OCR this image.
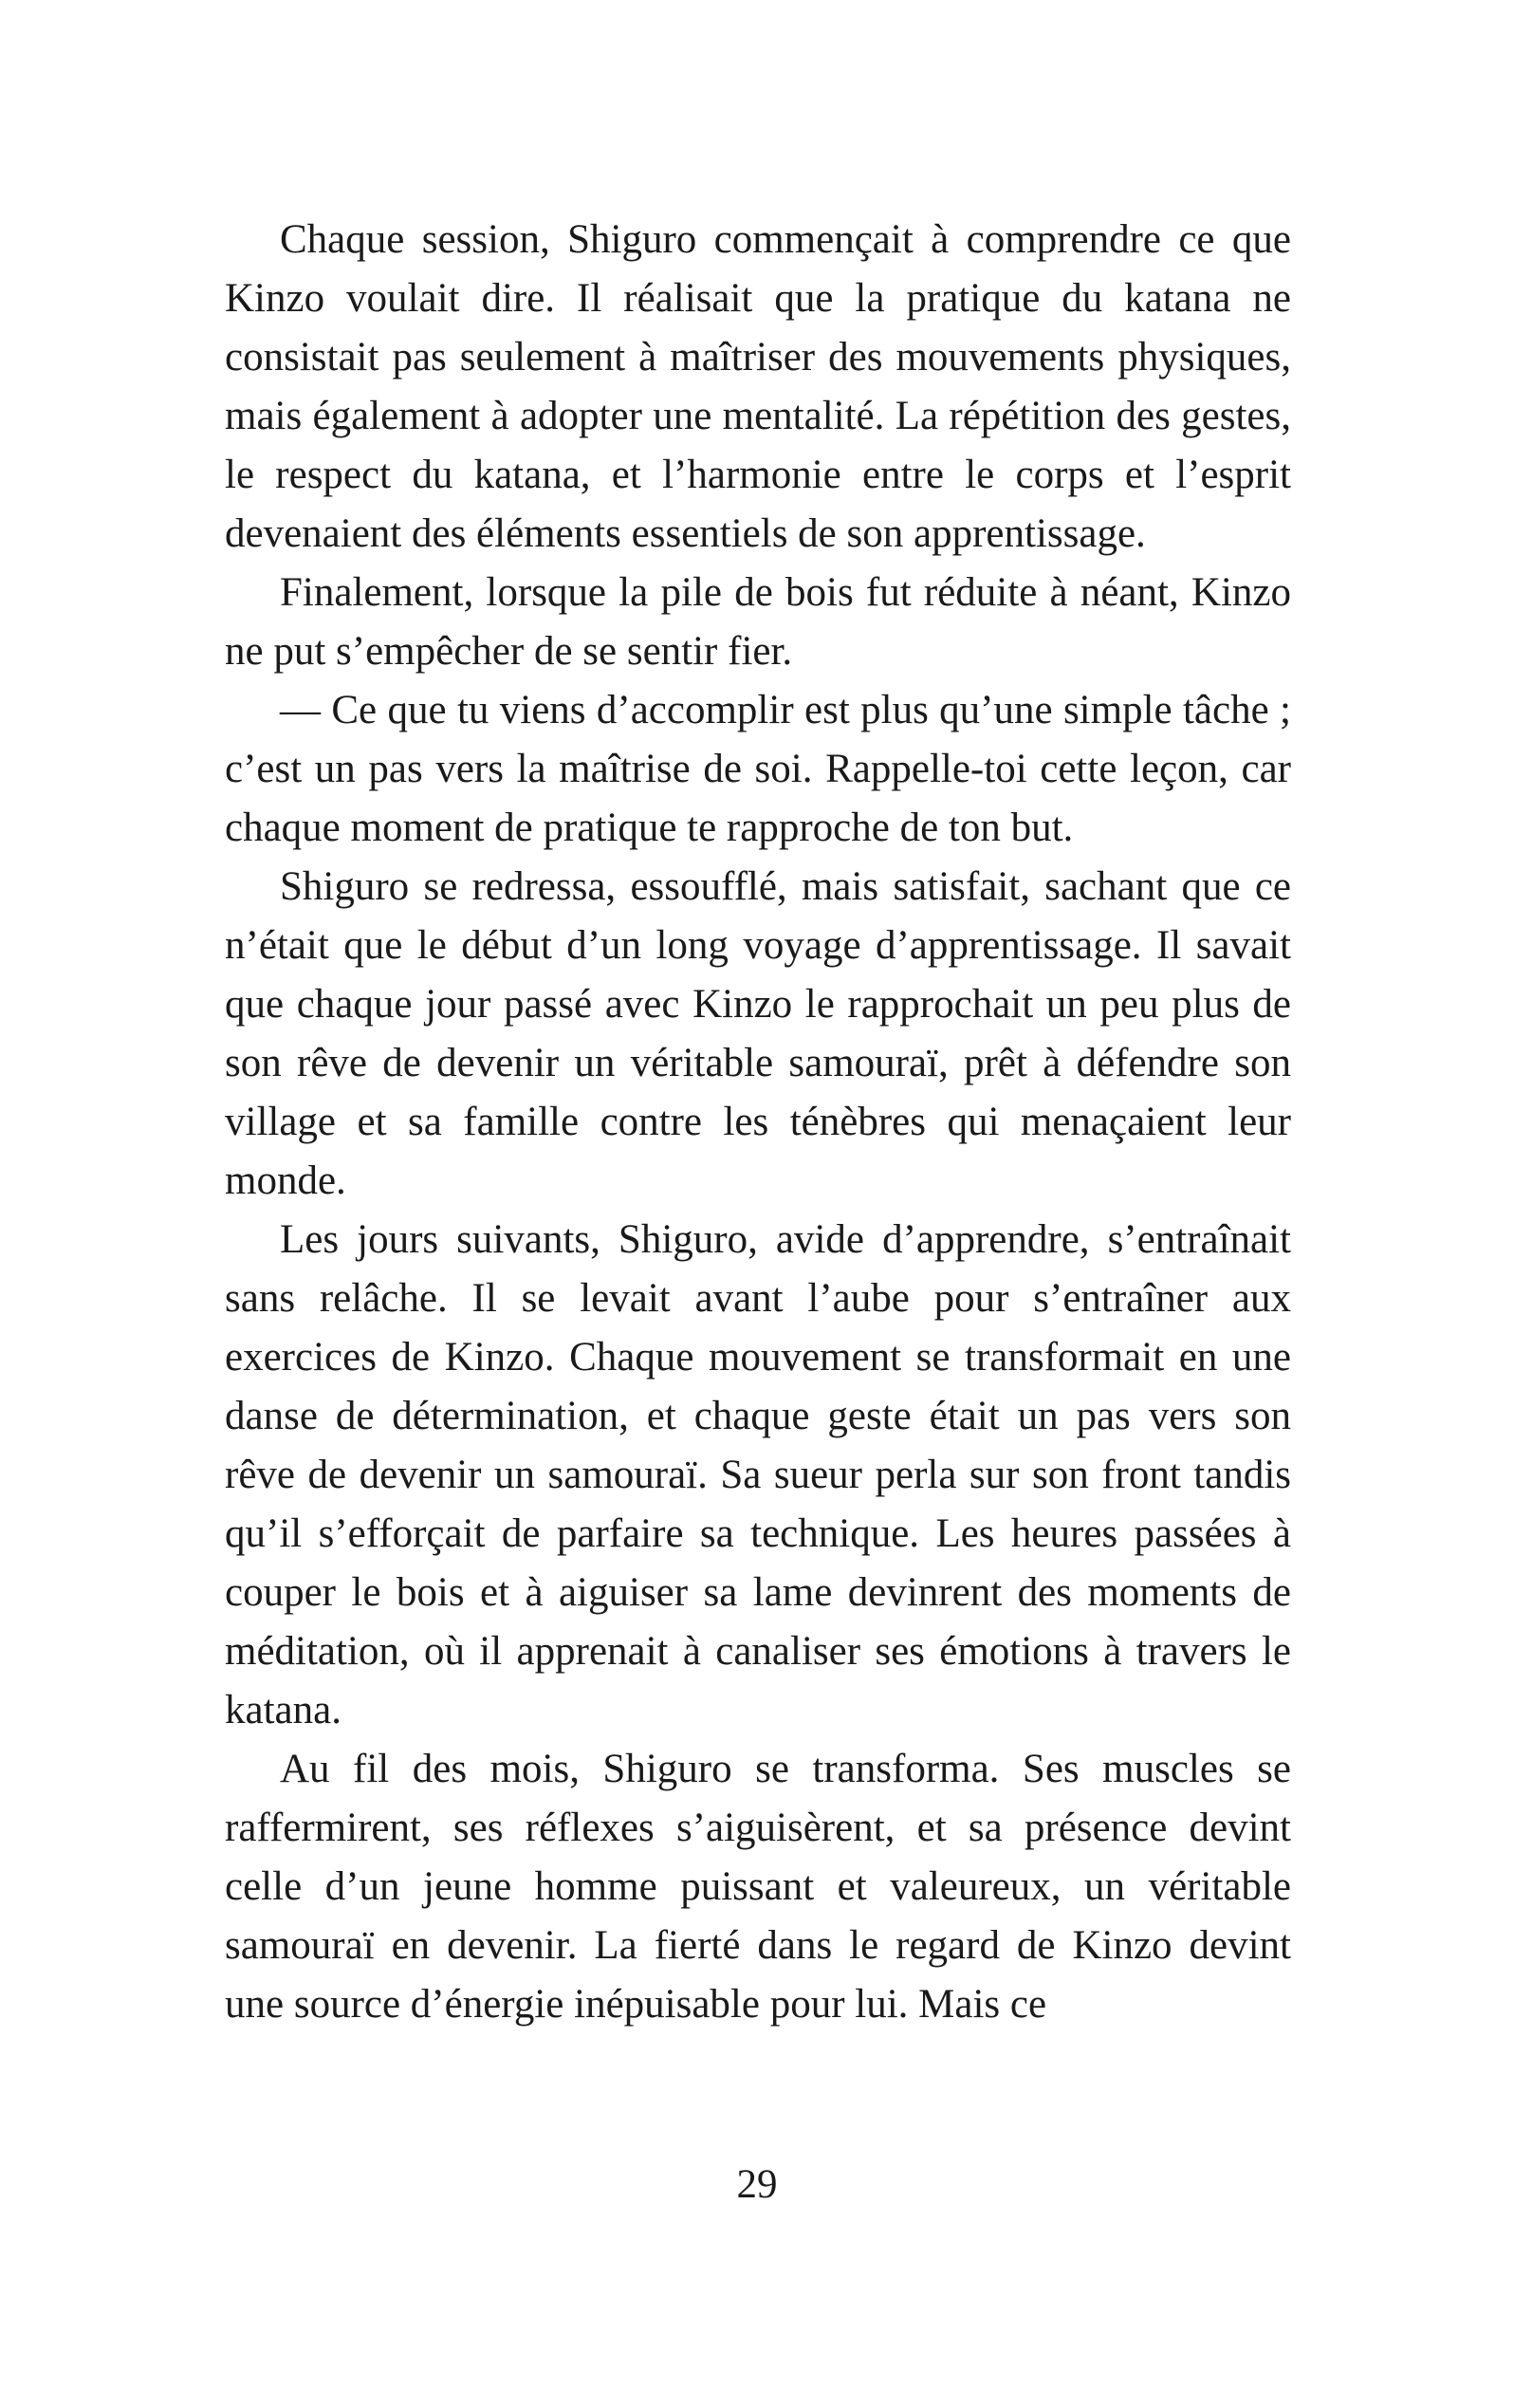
Chaque session, Shiguro commençait à comprendre ce que Kinzo voulait dire. Il réalisait que la pratique du katana ne consistait pas seulement à maîtriser des mouvements physiques, mais également à adopter une mentalité. La répétition des gestes, le respect du katana, et l’harmonie entre le corps et l’esprit devenaient des éléments essentiels de son apprentissage.

Finalement, lorsque la pile de bois fut réduite à néant, Kinzo ne put s’empêcher de se sentir fier.

— Ce que tu viens d’accomplir est plus qu’une simple tâche ; c’est un pas vers la maîtrise de soi. Rappelle-toi cette leçon, car chaque moment de pratique te rapproche de ton but.

Shiguro se redressa, essoufflé, mais satisfait, sachant que ce n’était que le début d’un long voyage d’apprentissage. Il savait que chaque jour passé avec Kinzo le rapprochait un peu plus de son rêve de devenir un véritable samouraï, prêt à défendre son village et sa famille contre les ténèbres qui menaçaient leur monde.

Les jours suivants, Shiguro, avide d’apprendre, s’entraînait sans relâche. Il se levait avant l’aube pour s’entraîner aux exercices de Kinzo. Chaque mouvement se transformait en une danse de détermination, et chaque geste était un pas vers son rêve de devenir un samouraï. Sa sueur perla sur son front tandis qu’il s’efforçait de parfaire sa technique. Les heures passées à couper le bois et à aiguiser sa lame devinrent des moments de méditation, où il apprenait à canaliser ses émotions à travers le katana.

Au fil des mois, Shiguro se transforma. Ses muscles se raffermirent, ses réflexes s’aiguisèrent, et sa présence devint celle d’un jeune homme puissant et valeureux, un véritable samouraï en devenir. La fierté dans le regard de Kinzo devint une source d’énergie inépuisable pour lui. Mais ce

29
